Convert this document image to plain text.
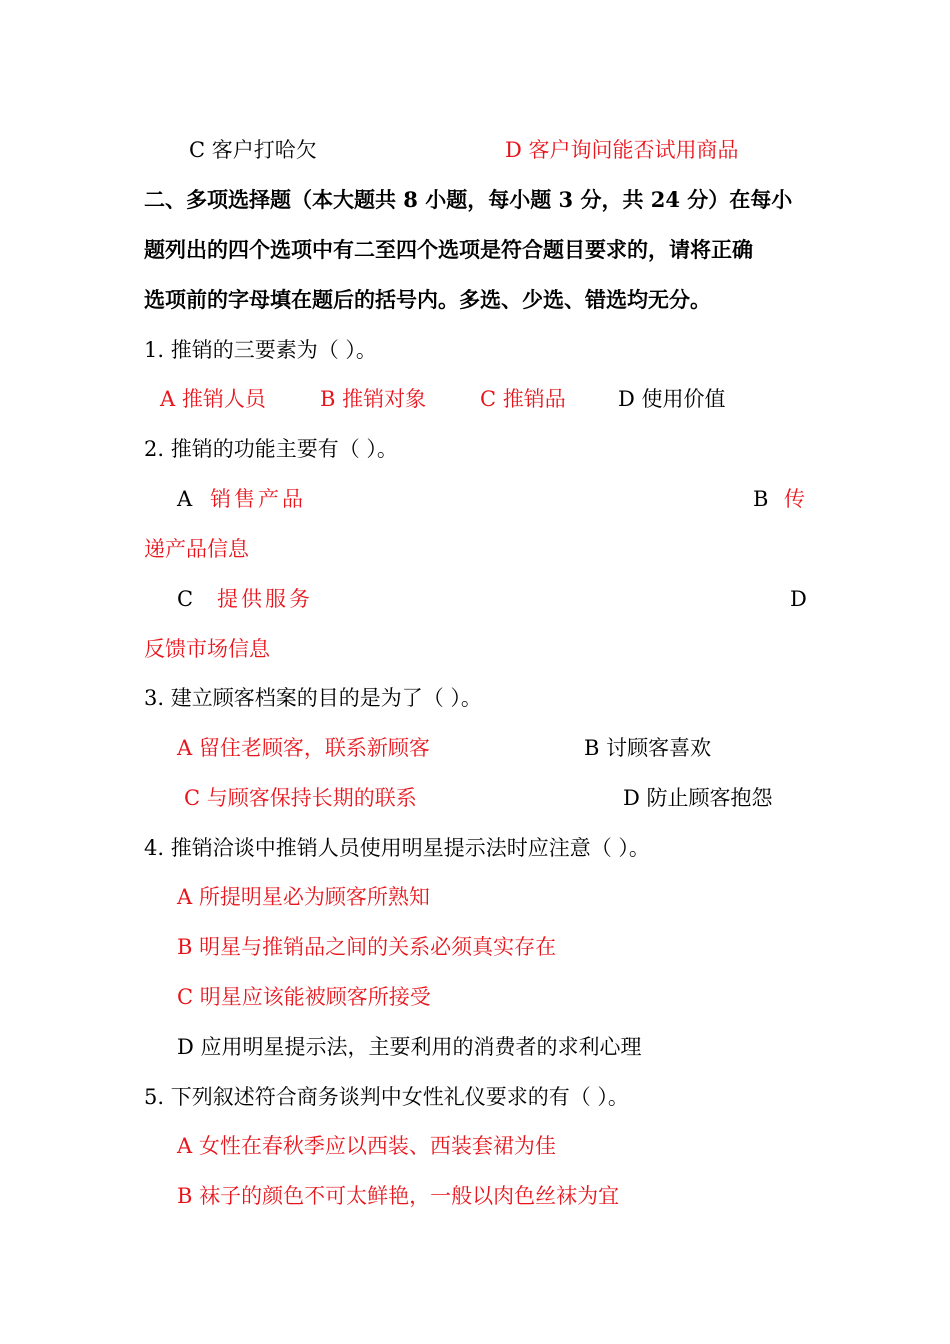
C 客户打哈欠	D 客户询问能否试用商品
二、多项选择题（本大题共 8 小题，每小题 3 分，共 24 分）在每小
题列出的四个选项中有二至四个选项是符合题目要求的，请将正确
选项前的字母填在题后的括号内。多选、少选、错选均无分。
1. 推销的三要素为（ ）。
A 推销人员	B 推销对象	C 推销品 D 使用价值
2. 推销的功能主要有（ ）。
A 销售产品	B 传
递产品信息
C 提供服务	D
反馈市场信息
3. 建立顾客档案的目的是为了（ ）。
A 留住老顾客，联系新顾客	B 讨顾客喜欢
C 与顾客保持长期的联系	D 防止顾客抱怨
4. 推销洽谈中推销人员使用明星提示法时应注意（ ）。
A 所提明星必为顾客所熟知
B 明星与推销品之间的关系必须真实存在
C 明星应该能被顾客所接受
D 应用明星提示法，主要利用的消费者的求利心理
5. 下列叙述符合商务谈判中女性礼仪要求的有（ ）。
A 女性在春秋季应以西装、西装套裙为佳
B 袜子的颜色不可太鲜艳，一般以肉色丝袜为宜
